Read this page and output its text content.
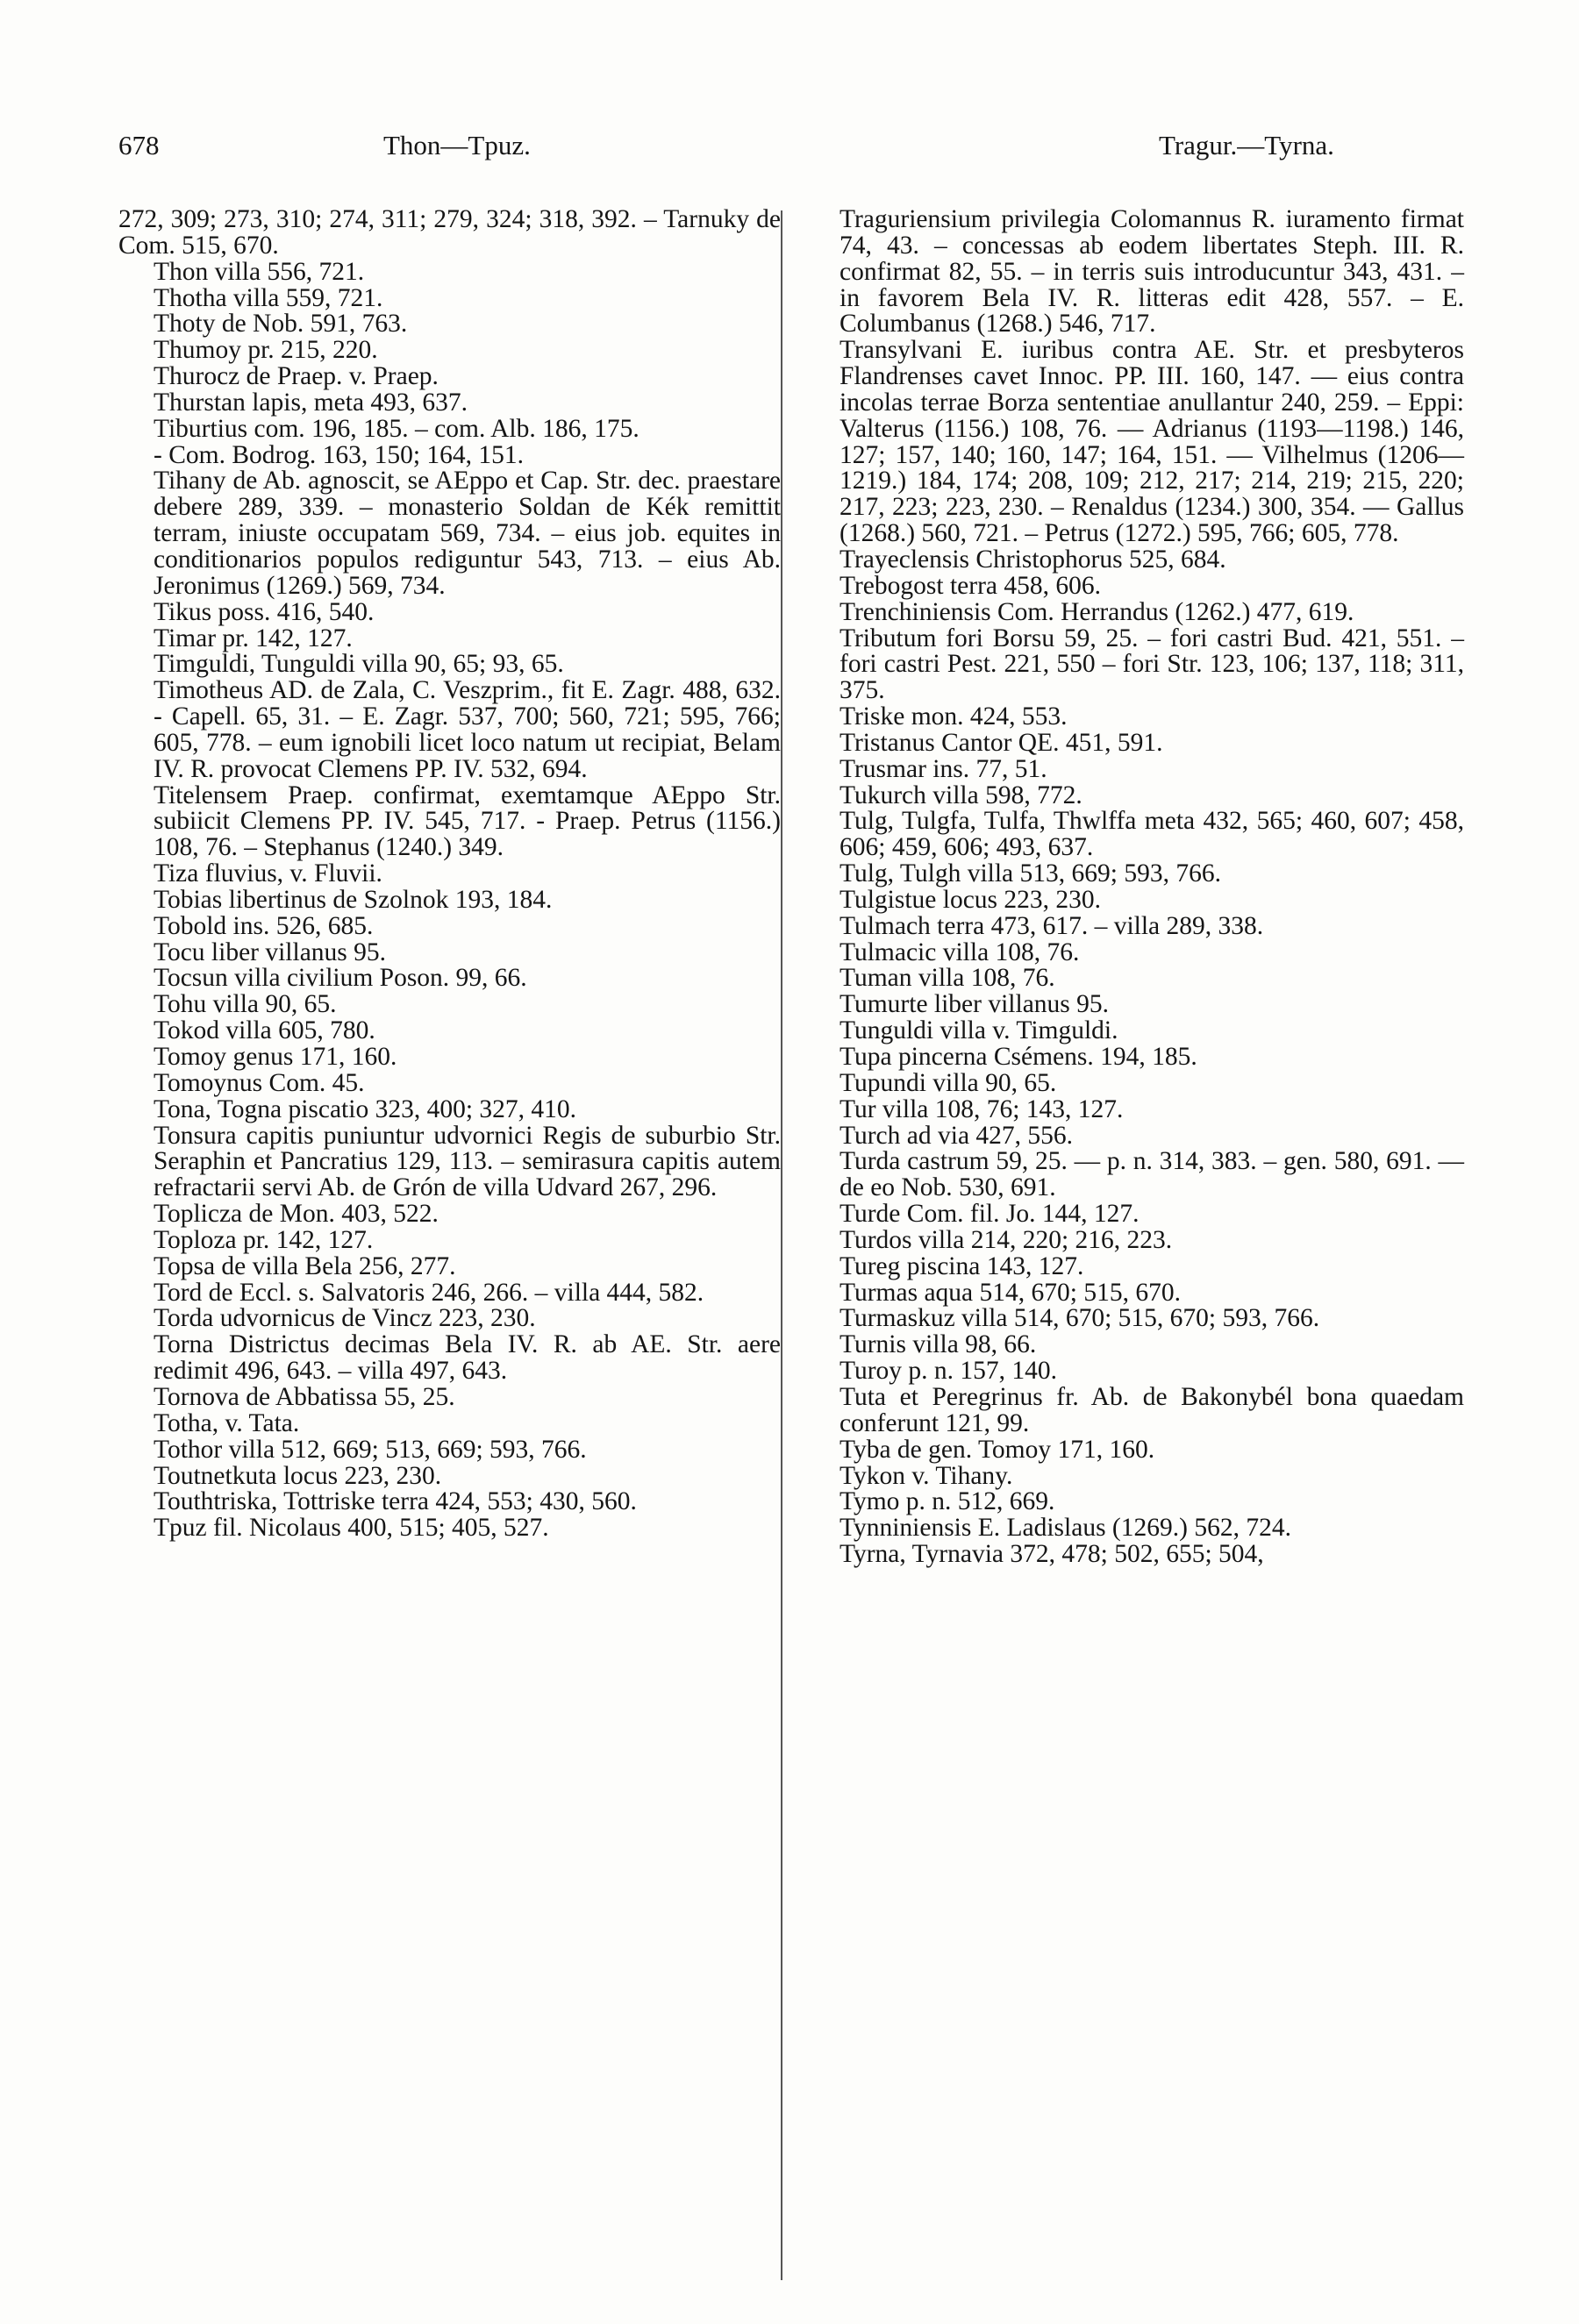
678	Thon—Tpuz.	Tragur.—Tyrna.

272, 309; 273, 310; 274, 311; 279, 324; 318, 392. – Tarnuky de Com. 515, 670.

Thon villa 556, 721.

Thotha villa 559, 721.

Thoty de Nob. 591, 763.

Thumoy pr. 215, 220.

Thurocz de Praep. v. Praep.

Thurstan lapis, meta 493, 637.

Tiburtius com. 196, 185. – com. Alb. 186, 175.

- Com. Bodrog. 163, 150; 164, 151.

Tihany de Ab. agnoscit, se AEppo et Cap. Str. dec. praestare debere 289, 339. – monasterio Soldan de Kék remittit terram, iniuste occupatam 569, 734. – eius job. equites in conditionarios populos rediguntur 543, 713. – eius Ab. Jeronimus (1269.) 569, 734.

Tikus poss. 416, 540.

Timar pr. 142, 127.

Timguldi, Tunguldi villa 90, 65; 93, 65.

Timotheus AD. de Zala, C. Veszprim., fit E. Zagr. 488, 632. - Capell. 65, 31. – E. Zagr. 537, 700; 560, 721; 595, 766; 605, 778. – eum ignobili licet loco natum ut recipiat, Belam IV. R. provocat Clemens PP. IV. 532, 694.

Titelensem Praep. confirmat, exemtamque AEppo Str. subiicit Clemens PP. IV. 545, 717. - Praep. Petrus (1156.) 108, 76. – Stephanus (1240.) 349.

Tiza fluvius, v. Fluvii.

Tobias libertinus de Szolnok 193, 184.

Tobold ins. 526, 685.

Tocu liber villanus 95.

Tocsun villa civilium Poson. 99, 66.

Tohu villa 90, 65.

Tokod villa 605, 780.

Tomoy genus 171, 160.

Tomoynus Com. 45.

Tona, Togna piscatio 323, 400; 327, 410.

Tonsura capitis puniuntur udvornici Regis de suburbio Str. Seraphin et Pancratius 129, 113. – semirasura capitis autem refractarii servi Ab. de Grón de villa Udvard 267, 296.

Toplicza de Mon. 403, 522.

Toploza pr. 142, 127.

Topsa de villa Bela 256, 277.

Tord de Eccl. s. Salvatoris 246, 266. – villa 444, 582.

Torda udvornicus de Vincz 223, 230.

Torna Districtus decimas Bela IV. R. ab AE. Str. aere redimit 496, 643. – villa 497, 643.

Tornova de Abbatissa 55, 25.

Totha, v. Tata.

Tothor villa 512, 669; 513, 669; 593, 766.

Toutnetkuta locus 223, 230.

Touthtriska, Tottriske terra 424, 553; 430, 560.

Tpuz fil. Nicolaus 400, 515; 405, 527.

Traguriensium privilegia Colomannus R. iuramento firmat 74, 43. – concessas ab eodem libertates Steph. III. R. confirmat 82, 55. – in terris suis introducuntur 343, 431. – in favorem Bela IV. R. litteras edit 428, 557. – E. Columbanus (1268.) 546, 717.

Transylvani E. iuribus contra AE. Str. et presbyteros Flandrenses cavet Innoc. PP. III. 160, 147. — eius contra incolas terrae Borza sententiae anullantur 240, 259. – Eppi: Valterus (1156.) 108, 76. — Adrianus (1193—1198.) 146, 127; 157, 140; 160, 147; 164, 151. — Vilhelmus (1206—1219.) 184, 174; 208, 109; 212, 217; 214, 219; 215, 220; 217, 223; 223, 230. – Renaldus (1234.) 300, 354. — Gallus (1268.) 560, 721. – Petrus (1272.) 595, 766; 605, 778.

Trayeclensis Christophorus 525, 684.

Trebogost terra 458, 606.

Trenchiniensis Com. Herrandus (1262.) 477, 619.

Tributum fori Borsu 59, 25. – fori castri Bud. 421, 551. – fori castri Pest. 221, 550 – fori Str. 123, 106; 137, 118; 311, 375.

Triske mon. 424, 553.

Tristanus Cantor QE. 451, 591.

Trusmar ins. 77, 51.

Tukurch villa 598, 772.

Tulg, Tulgfa, Tulfa, Thwlffa meta 432, 565; 460, 607; 458, 606; 459, 606; 493, 637.

Tulg, Tulgh villa 513, 669; 593, 766.

Tulgistue locus 223, 230.

Tulmach terra 473, 617. – villa 289, 338.

Tulmacic villa 108, 76.

Tuman villa 108, 76.

Tumurte liber villanus 95.

Tunguldi villa v. Timguldi.

Tupa pincerna Csémens. 194, 185.

Tupundi villa 90, 65.

Tur villa 108, 76; 143, 127.

Turch ad via 427, 556.

Turda castrum 59, 25. — p. n. 314, 383. – gen. 580, 691. — de eo Nob. 530, 691.

Turde Com. fil. Jo. 144, 127.

Turdos villa 214, 220; 216, 223.

Tureg piscina 143, 127.

Turmas aqua 514, 670; 515, 670.

Turmaskuz villa 514, 670; 515, 670; 593, 766.

Turnis villa 98, 66.

Turoy p. n. 157, 140.

Tuta et Peregrinus fr. Ab. de Bakonybél bona quaedam conferunt 121, 99.

Tyba de gen. Tomoy 171, 160.

Tykon v. Tihany.

Tymo p. n. 512, 669.

Tynniniensis E. Ladislaus (1269.) 562, 724.

Tyrna, Tyrnavia 372, 478; 502, 655; 504,
